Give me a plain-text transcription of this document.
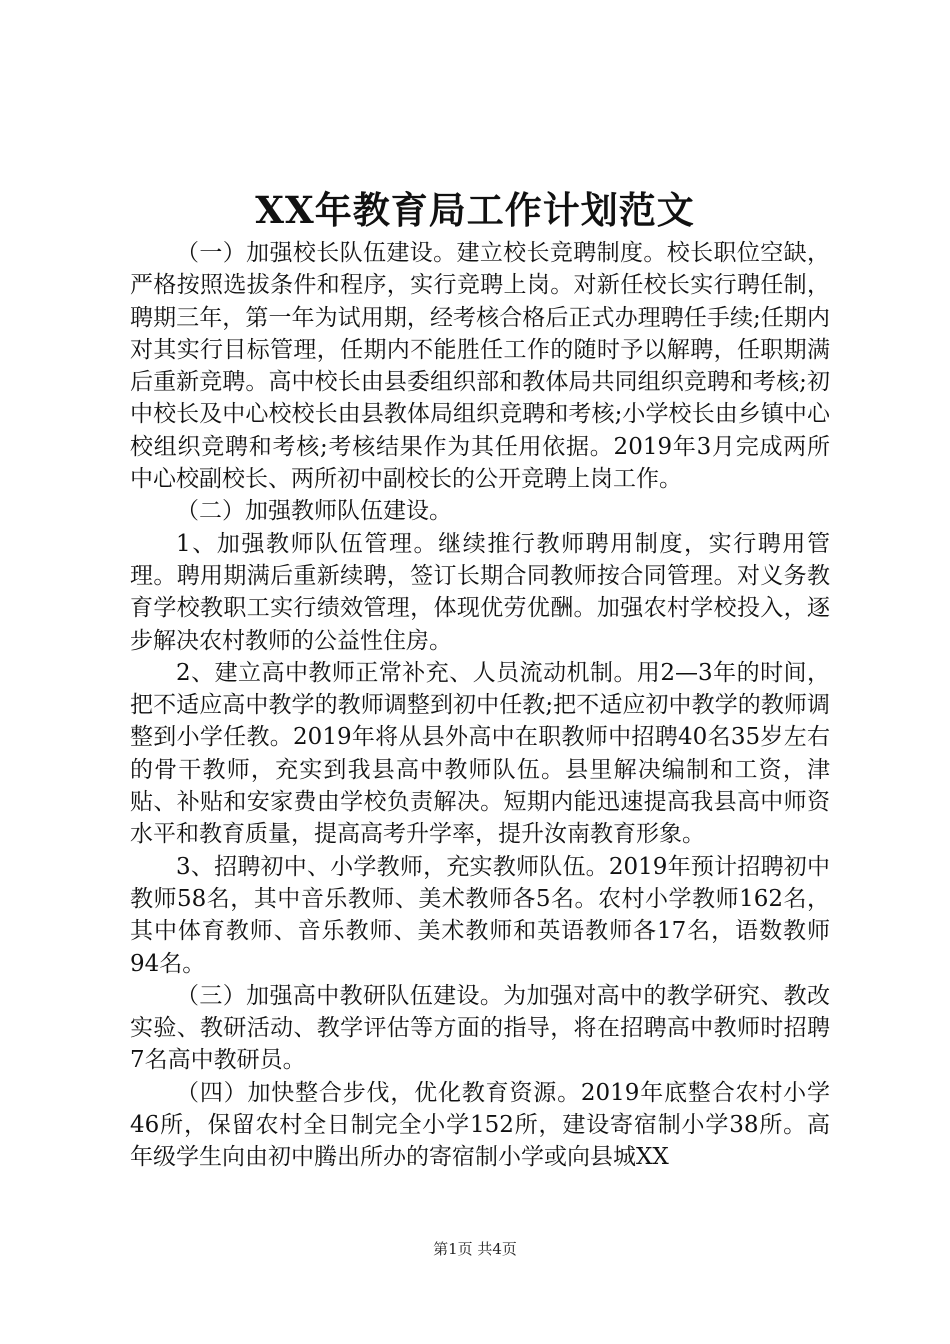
XX年教育局工作计划范文

（一）加强校长队伍建设。建立校长竞聘制度。校长职位空缺，严格按照选拔条件和程序，实行竞聘上岗。对新任校长实行聘任制，聘期三年，第一年为试用期，经考核合格后正式办理聘任手续;任期内对其实行目标管理，任期内不能胜任工作的随时予以解聘，任职期满后重新竞聘。高中校长由县委组织部和教体局共同组织竞聘和考核;初中校长及中心校校长由县教体局组织竞聘和考核;小学校长由乡镇中心校组织竞聘和考核;考核结果作为其任用依据。2019年3月完成两所中心校副校长、两所初中副校长的公开竞聘上岗工作。

（二）加强教师队伍建设。

1、加强教师队伍管理。继续推行教师聘用制度，实行聘用管理。聘用期满后重新续聘，签订长期合同教师按合同管理。对义务教育学校教职工实行绩效管理，体现优劳优酬。加强农村学校投入，逐步解决农村教师的公益性住房。

2、建立高中教师正常补充、人员流动机制。用2—3年的时间，把不适应高中教学的教师调整到初中任教;把不适应初中教学的教师调整到小学任教。2019年将从县外高中在职教师中招聘40名35岁左右的骨干教师，充实到我县高中教师队伍。县里解决编制和工资，津贴、补贴和安家费由学校负责解决。短期内能迅速提高我县高中师资水平和教育质量，提高高考升学率，提升汝南教育形象。

3、招聘初中、小学教师，充实教师队伍。2019年预计招聘初中教师58名，其中音乐教师、美术教师各5名。农村小学教师162名，其中体育教师、音乐教师、美术教师和英语教师各17名，语数教师94名。

（三）加强高中教研队伍建设。为加强对高中的教学研究、教改实验、教研活动、教学评估等方面的指导，将在招聘高中教师时招聘7名高中教研员。

（四）加快整合步伐，优化教育资源。2019年底整合农村小学46所，保留农村全日制完全小学152所，建设寄宿制小学38所。高年级学生向由初中腾出所办的寄宿制小学或向县城XX

第1页 共4页
